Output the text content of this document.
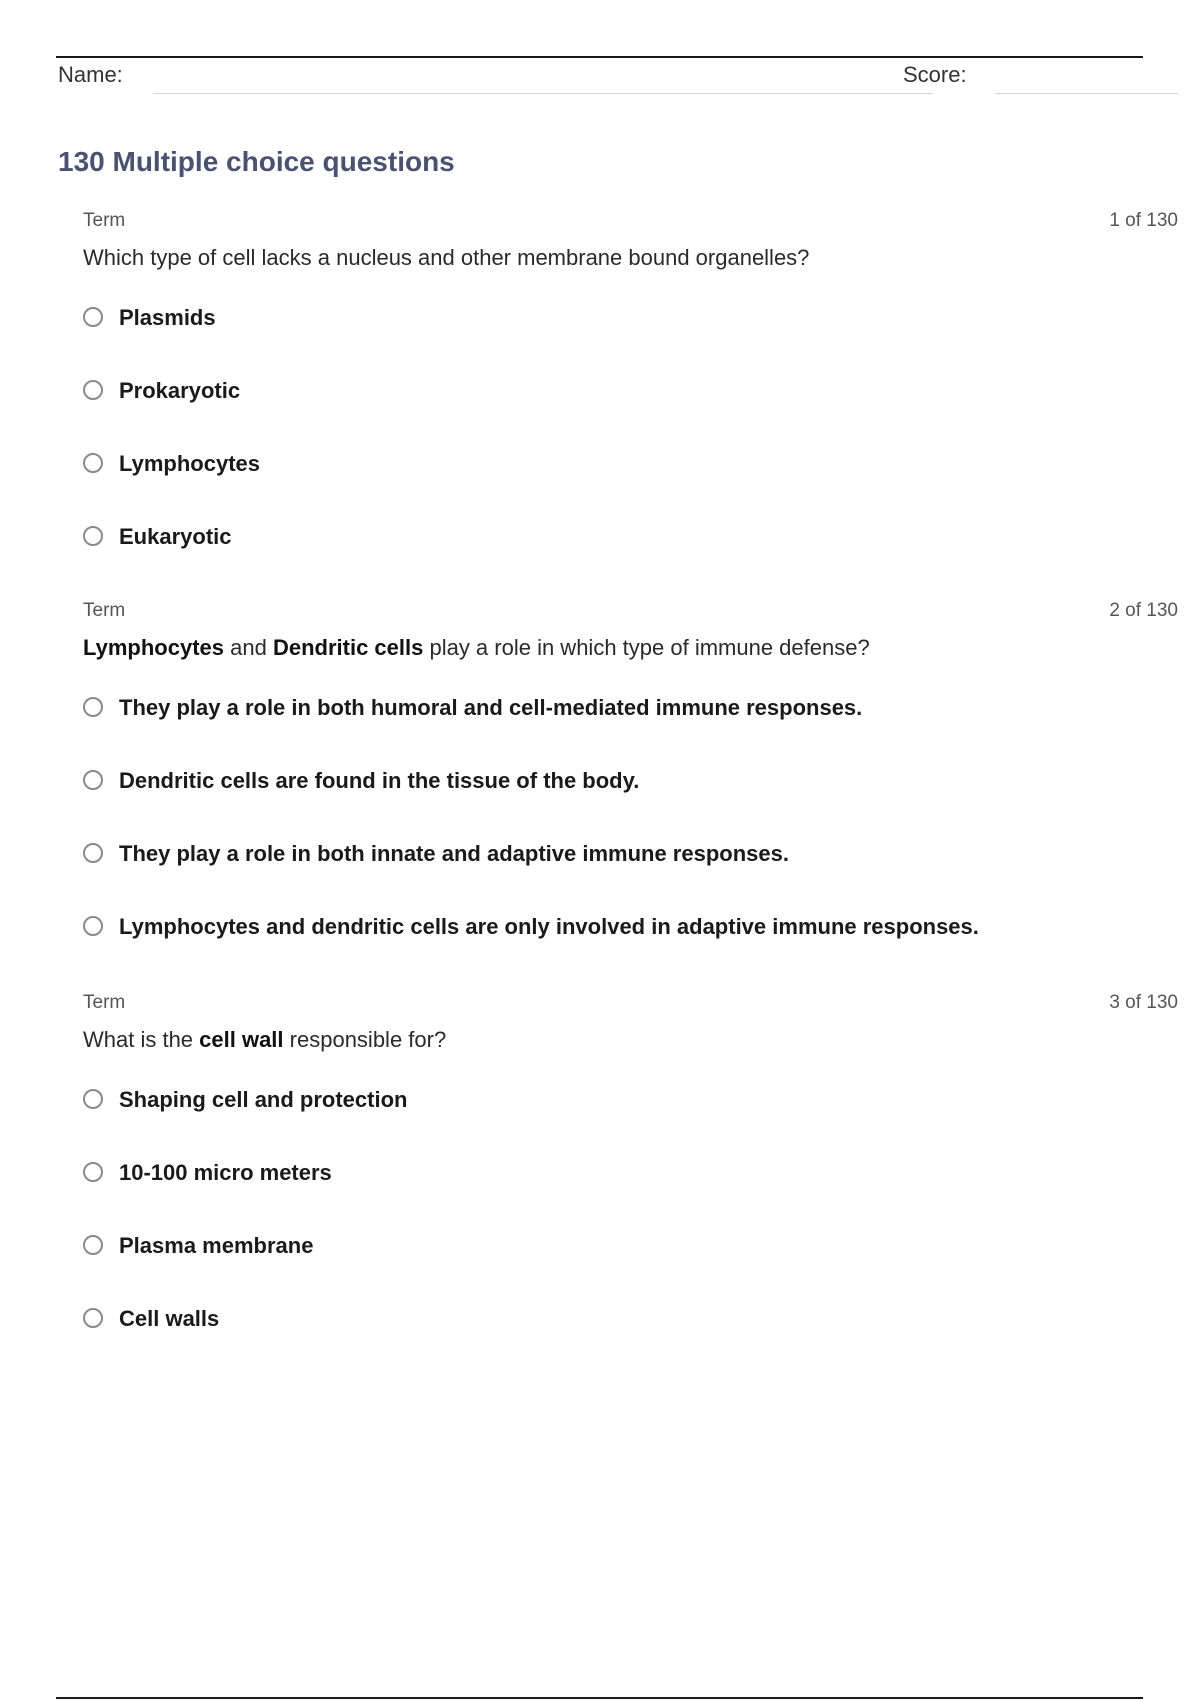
Name:	Score:
130 Multiple choice questions
Term	1 of 130
Which type of cell lacks a nucleus and other membrane bound organelles?
Plasmids
Prokaryotic
Lymphocytes
Eukaryotic
Term	2 of 130
Lymphocytes and Dendritic cells play a role in which type of immune defense?
They play a role in both humoral and cell-mediated immune responses.
Dendritic cells are found in the tissue of the body.
They play a role in both innate and adaptive immune responses.
Lymphocytes and dendritic cells are only involved in adaptive immune responses.
Term	3 of 130
What is the cell wall responsible for?
Shaping cell and protection
10-100 micro meters
Plasma membrane
Cell walls
